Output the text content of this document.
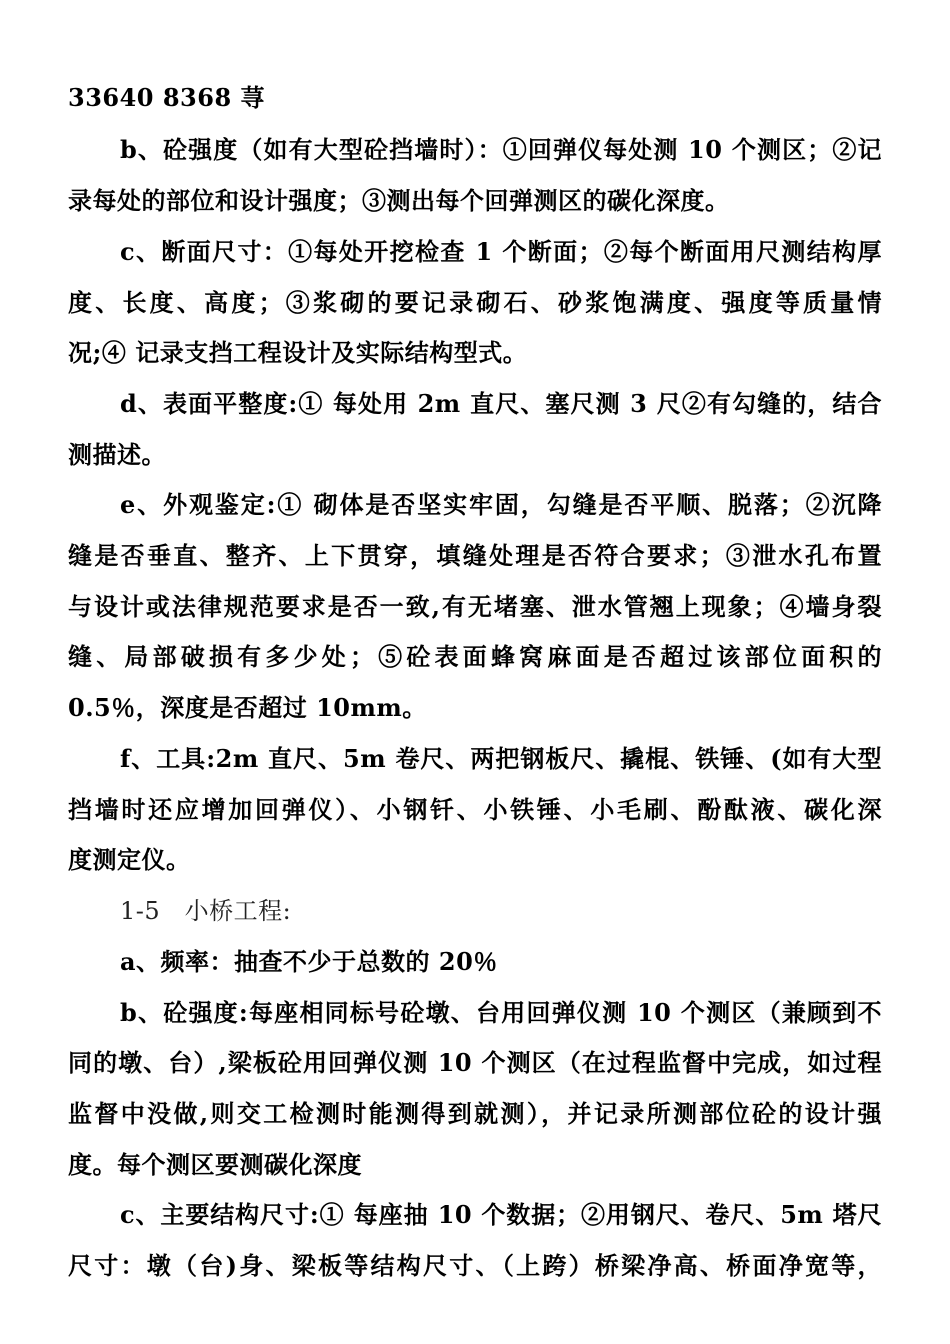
33640 8368 荨
b、砼强度（如有大型砼挡墙时）：①回弹仪每处测 10 个测区；②记
录每处的部位和设计强度；③测出每个回弹测区的碳化深度。
c、断面尺寸：①每处开挖检查 1 个断面；②每个断面用尺测结构厚
度、长度、高度；③浆砌的要记录砌石、砂浆饱满度、强度等质量情
况;④ 记录支挡工程设计及实际结构型式。
d、表面平整度:① 每处用 2m 直尺、塞尺测 3 尺②有勾缝的，结合
测描述。
e、外观鉴定:① 砌体是否坚实牢固，勾缝是否平顺、脱落；②沉降
缝是否垂直、整齐、上下贯穿，填缝处理是否符合要求；③泄水孔布置
与设计或法律规范要求是否一致,有无堵塞、泄水管翘上现象；④墙身裂
缝、局部破损有多少处；⑤砼表面蜂窝麻面是否超过该部位面积的
0.5％，深度是否超过 10mm。
f、工具:2m 直尺、5m 卷尺、两把钢板尺、撬棍、铁锤、(如有大型
挡墙时还应增加回弹仪）、小钢钎、小铁锤、小毛刷、酚酞液、碳化深
度测定仪。
1-5　小桥工程:
a、频率：抽查不少于总数的 20％
b、砼强度:每座相同标号砼墩、台用回弹仪测 10 个测区（兼顾到不
同的墩、台）,梁板砼用回弹仪测 10 个测区（在过程监督中完成，如过程
监督中没做,则交工检测时能测得到就测），并记录所测部位砼的设计强
度。每个测区要测碳化深度
c、主要结构尺寸:① 每座抽 10 个数据；②用钢尺、卷尺、5m 塔尺
尺寸：墩（台)身、梁板等结构尺寸、（上跨）桥梁净高、桥面净宽等，
